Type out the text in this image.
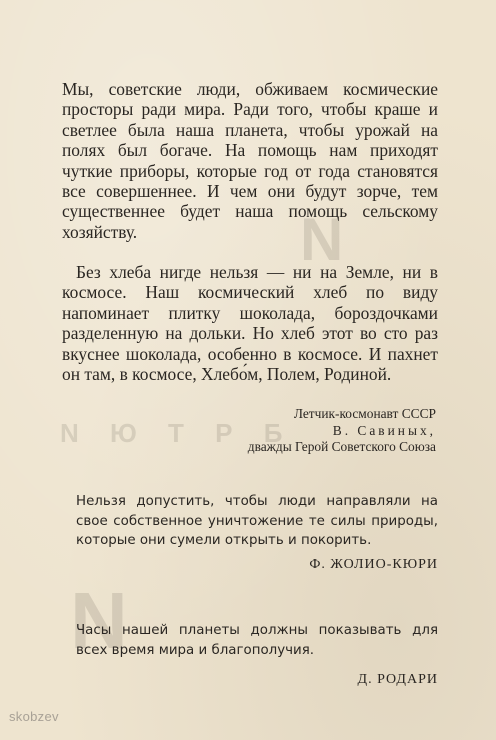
N
N Ю Т Р Б
N

Мы, советские люди, обживаем космические просторы ради мира. Ради того, чтобы краше и светлее была наша планета, чтобы урожай на полях был богаче. На помощь нам приходят чуткие приборы, которые год от года становятся все совершеннее. И чем они будут зорче, тем существеннее будет наша помощь сельскому хозяйству.

Без хлеба нигде нельзя — ни на Земле, ни в космосе. Наш космический хлеб по виду напоминает плитку шоколада, бороздочками разделенную на дольки. Но хлеб этот во сто раз вкуснее шоколада, особенно в космосе. И пахнет он там, в космосе, Хлебо́м, Полем, Родиной.

Летчик-космонавт СССР
В. Савиных,
дважды Герой Советского Союза

Нельзя допустить, чтобы люди направляли на свое собственное уничтожение те силы природы, которые они сумели открыть и покорить.

Ф. ЖОЛИО-КЮРИ

Часы нашей планеты должны показывать для всех время мира и благополучия.

Д. РОДАРИ
skobzev
